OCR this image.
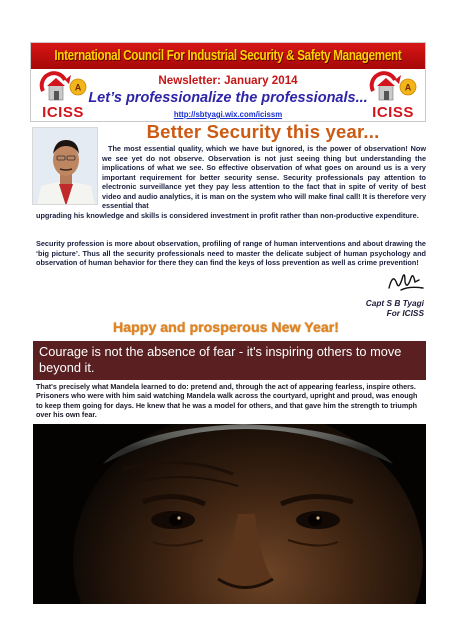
International Council For Industrial Security & Safety Management
A
ICISS
A
ICISS
Newsletter: January 2014
Let’s professionalize the professionals...
http://sbtyagi.wix.com/icissm
Better Security this year...

The most essential quality, which we have but ignored, is the power of observation! Now we see yet do not observe. Observation is not just seeing thing but understanding the implications of what we see. So effective observation of what goes on around us is a very important requirement for better security sense. Security professionals pay attention to electronic surveillance yet they pay less attention to the fact that in spite of verity of best video and audio analytics, it is man on the system who will make final call! It is therefore very essential that

upgrading his knowledge and skills is considered investment in profit rather than non-productive expenditure.

Security profession is more about observation, profiling of range of human interventions and about drawing the ‘big picture’. Thus all the security professionals need to master the delicate subject of human psychology and observation of human behavior for there they can find the keys of loss prevention as well as crime prevention!

Capt S B Tyagi
For ICISS
Happy and prosperous New Year!
Courage is not the absence of fear - it's inspiring others to move beyond it.

That's precisely what Mandela learned to do: pretend and, through the act of appearing fearless, inspire others. Prisoners who were with him said watching Mandela walk across the courtyard, upright and proud, was enough to keep them going for days. He knew that he was a model for others, and that gave him the strength to triumph over his own fear.
